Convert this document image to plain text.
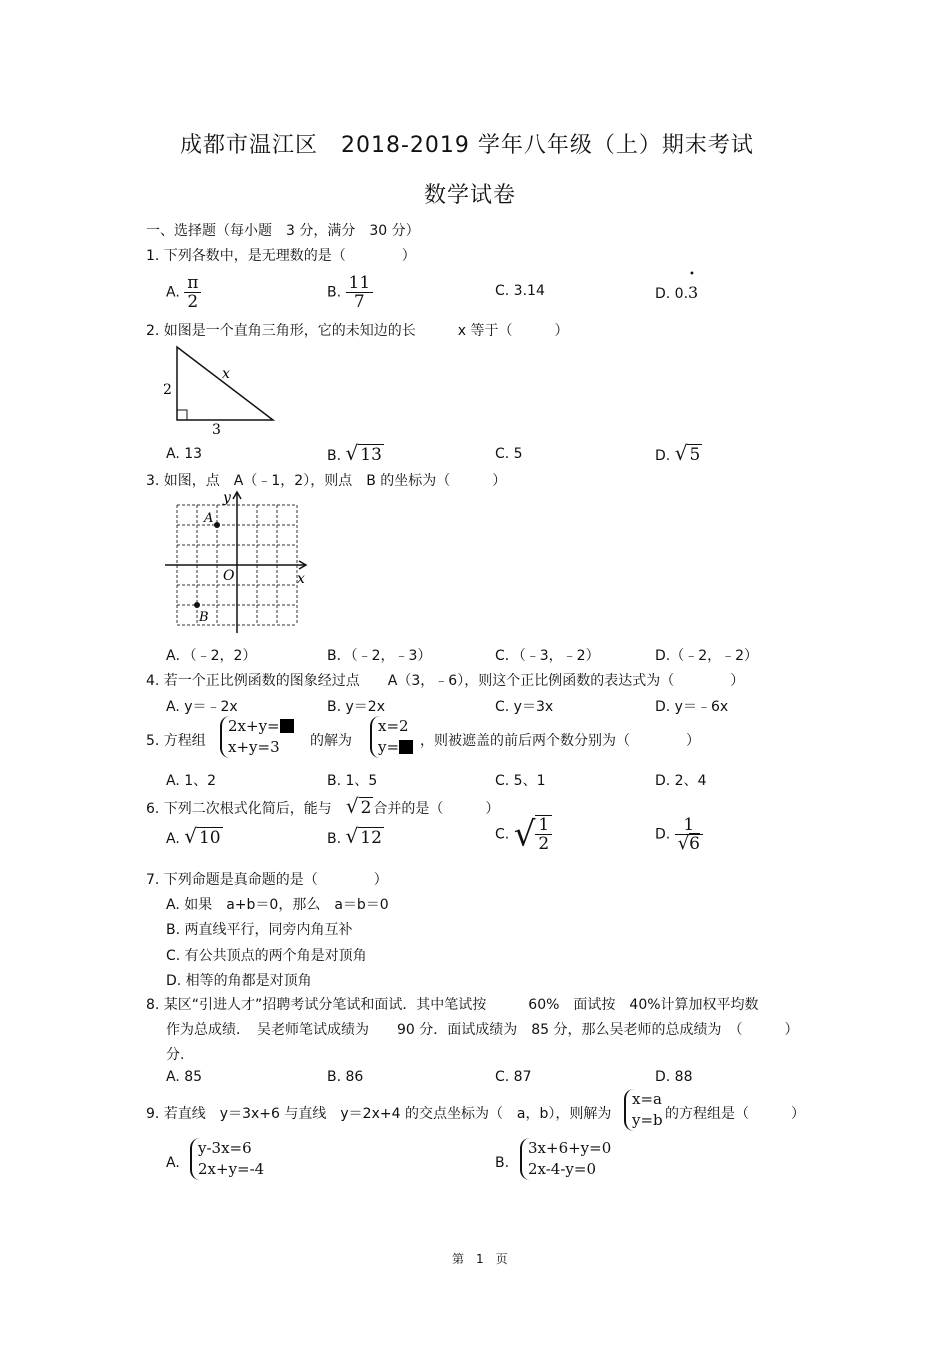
成都市温江区　2018-2019 学年八年级（上）期末考试
数学试卷
一、选择题（每小题　3 分，满分　30 分）
1. 下列各数中，是无理数的是（　　　　）
A. $\frac{\pi}{2}$	B. $\frac{11}{7}$	C. 3.14	D. 0.3
•
2. 如图是一个直角三角形，它的未知边的长　　　x 等于（　　　）
x
2
3
A. 13	B. √ 13	C. 5	D. √ 5
3. 如图，点　A（﹣1，2），则点　B 的坐标为（　　　）
y
x
O
A
B
A．（﹣2，2）	B．（﹣2，﹣3）	C．（﹣3，﹣2）	D.（﹣2，﹣2）
4. 若一个正比例函数的图象经过点　　A（3，﹣6），则这个正比例函数的表达式为（　　　　）
A. y＝﹣2x	B. y＝2x	C. y＝3x	D. y＝﹣6x
5. 方程组
2x+y=
x+y=3	的解为
x=2
y=	，则被遮盖的前后两个数分别为（　　　　）
A. 1、2	B. 1、5	C. 5、1	D. 2、4
6. 下列二次根式化简后，能与　 √ 2 合并的是（　　　）
A. √ 10	B. √ 12	C. √ $\frac{1}{2}$	D. $\frac{1}{√6}$
7. 下列命题是真命题的是（　　　　）
A. 如果　a+b＝0，那么　a＝b＝0
B. 两直线平行，同旁内角互补
C. 有公共顶点的两个角是对顶角
D. 相等的角都是对顶角
8. 某区“引进人才”招聘考试分笔试和面试．其中笔试按　　　60%　面试按　40%计算加权平均数
作为总成绩．　吴老师笔试成绩为　　90 分．面试成绩为　85 分，那么吴老师的总成绩为　（　　　）
分.
A. 85	B. 86	C. 87	D. 88
9. 若直线　y＝3x+6 与直线　y＝2x+4 的交点坐标为（　a，b），则解为
x=a
y=b 的方程组是（　　　）
A.
y-3x=6
2x+y=-4	B.
3x+6+y=0
2x-4-y=0
第　1　页
